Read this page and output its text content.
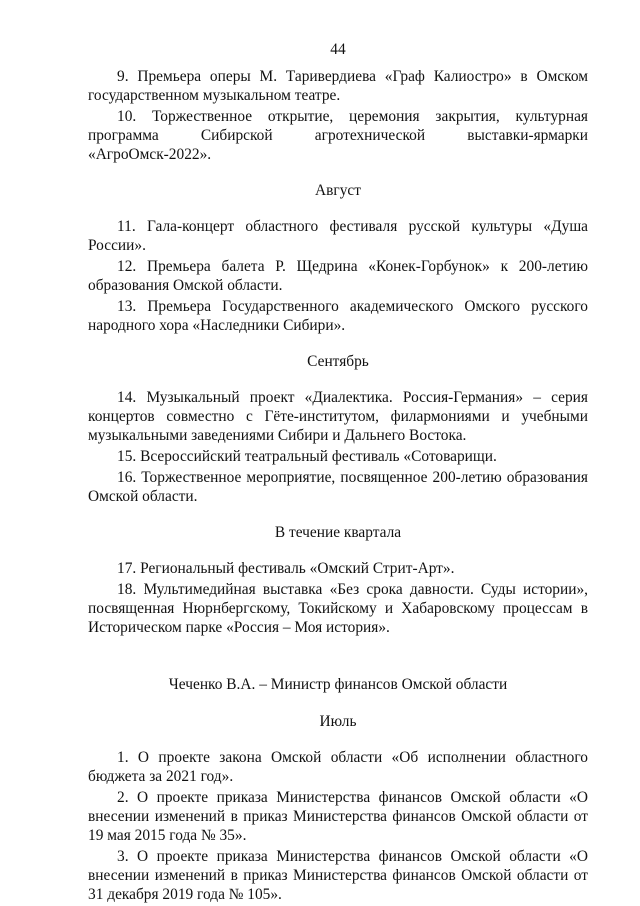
44

9. Премьера оперы М. Таривердиева «Граф Калиостро» в Омском государственном музыкальном театре.

10. Торжественное открытие, церемония закрытия, культурная программа Сибирской агротехнической выставки-ярмарки «АгроОмск-2022».

Август

11. Гала-концерт областного фестиваля русской культуры «Душа России».

12. Премьера балета Р. Щедрина «Конек-Горбунок» к 200-летию образования Омской области.

13. Премьера Государственного академического Омского русского народного хора «Наследники Сибири».

Сентябрь

14. Музыкальный проект «Диалектика. Россия-Германия» – серия концертов совместно с Гёте-институтом, филармониями и учебными музыкальными заведениями Сибири и Дальнего Востока.

15. Всероссийский театральный фестиваль «Сотоварищи.

16. Торжественное мероприятие, посвященное 200-летию образования Омской области.

В течение квартала

17. Региональный фестиваль «Омский Стрит-Арт».

18. Мультимедийная выставка «Без срока давности. Суды истории», посвященная Нюрнбергскому, Токийскому и Хабаровскому процессам в Историческом парке «Россия – Моя история».

Чеченко В.А. – Министр финансов Омской области

Июль

1. О проекте закона Омской области «Об исполнении областного бюджета за 2021 год».

2. О проекте приказа Министерства финансов Омской области «О внесении изменений в приказ Министерства финансов Омской области от 19 мая 2015 года № 35».

3. О проекте приказа Министерства финансов Омской области «О внесении изменений в приказ Министерства финансов Омской области от 31 декабря 2019 года № 105».
